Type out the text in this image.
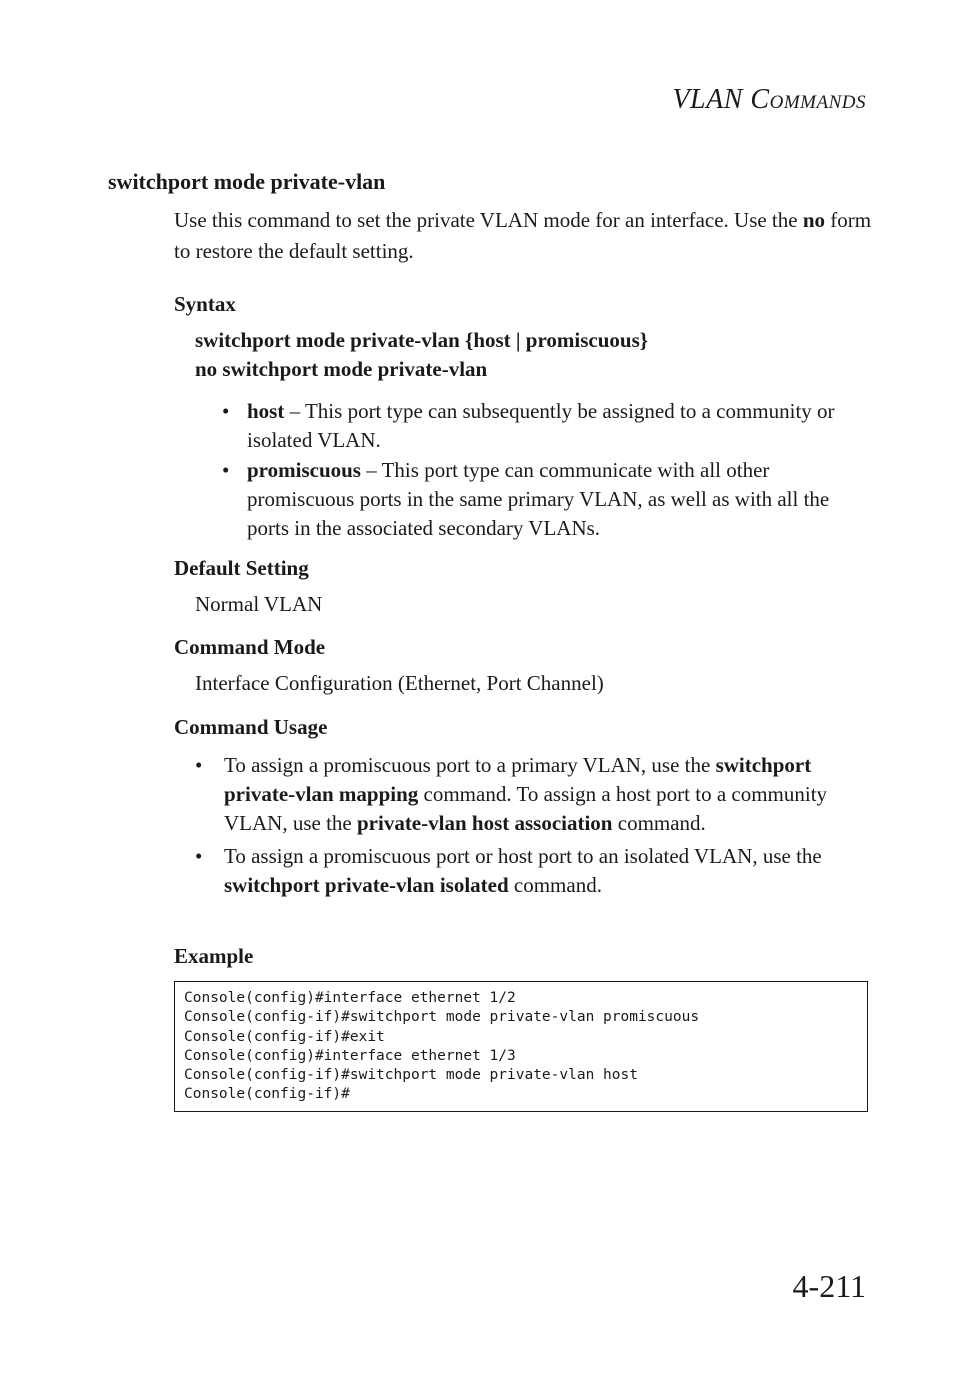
VLAN COMMANDS
switchport mode private-vlan
Use this command to set the private VLAN mode for an interface. Use the no form to restore the default setting.
Syntax
switchport mode private-vlan {host | promiscuous}
no switchport mode private-vlan
• host – This port type can subsequently be assigned to a community or isolated VLAN.
• promiscuous – This port type can communicate with all other promiscuous ports in the same primary VLAN, as well as with all the ports in the associated secondary VLANs.
Default Setting
Normal VLAN
Command Mode
Interface Configuration (Ethernet, Port Channel)
Command Usage
• To assign a promiscuous port to a primary VLAN, use the switchport private-vlan mapping command. To assign a host port to a community VLAN, use the private-vlan host association command.
• To assign a promiscuous port or host port to an isolated VLAN, use the switchport private-vlan isolated command.
Example
Console(config)#interface ethernet 1/2
Console(config-if)#switchport mode private-vlan promiscuous
Console(config-if)#exit
Console(config)#interface ethernet 1/3
Console(config-if)#switchport mode private-vlan host
Console(config-if)#
4-211
